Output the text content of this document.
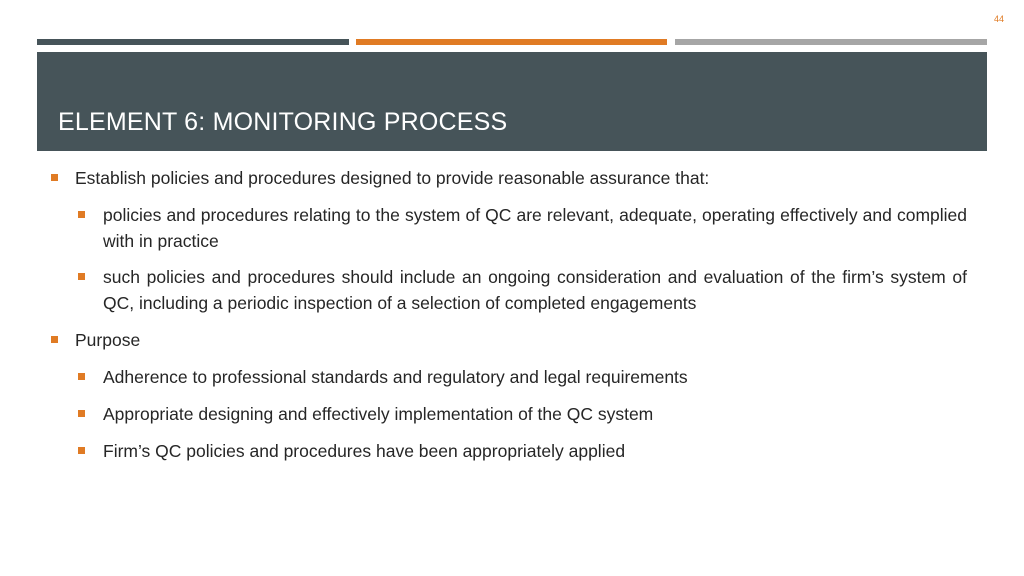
44
ELEMENT 6: MONITORING PROCESS
Establish policies and procedures designed to provide reasonable assurance that:
policies and procedures relating to the system of QC are relevant, adequate, operating effectively and complied with in practice
such policies and procedures should include an ongoing consideration and evaluation of the firm’s system of QC, including a periodic inspection of a selection of completed engagements
Purpose
Adherence to professional standards and regulatory and legal requirements
Appropriate designing and effectively implementation of the QC system
Firm’s QC policies and procedures have been appropriately applied
